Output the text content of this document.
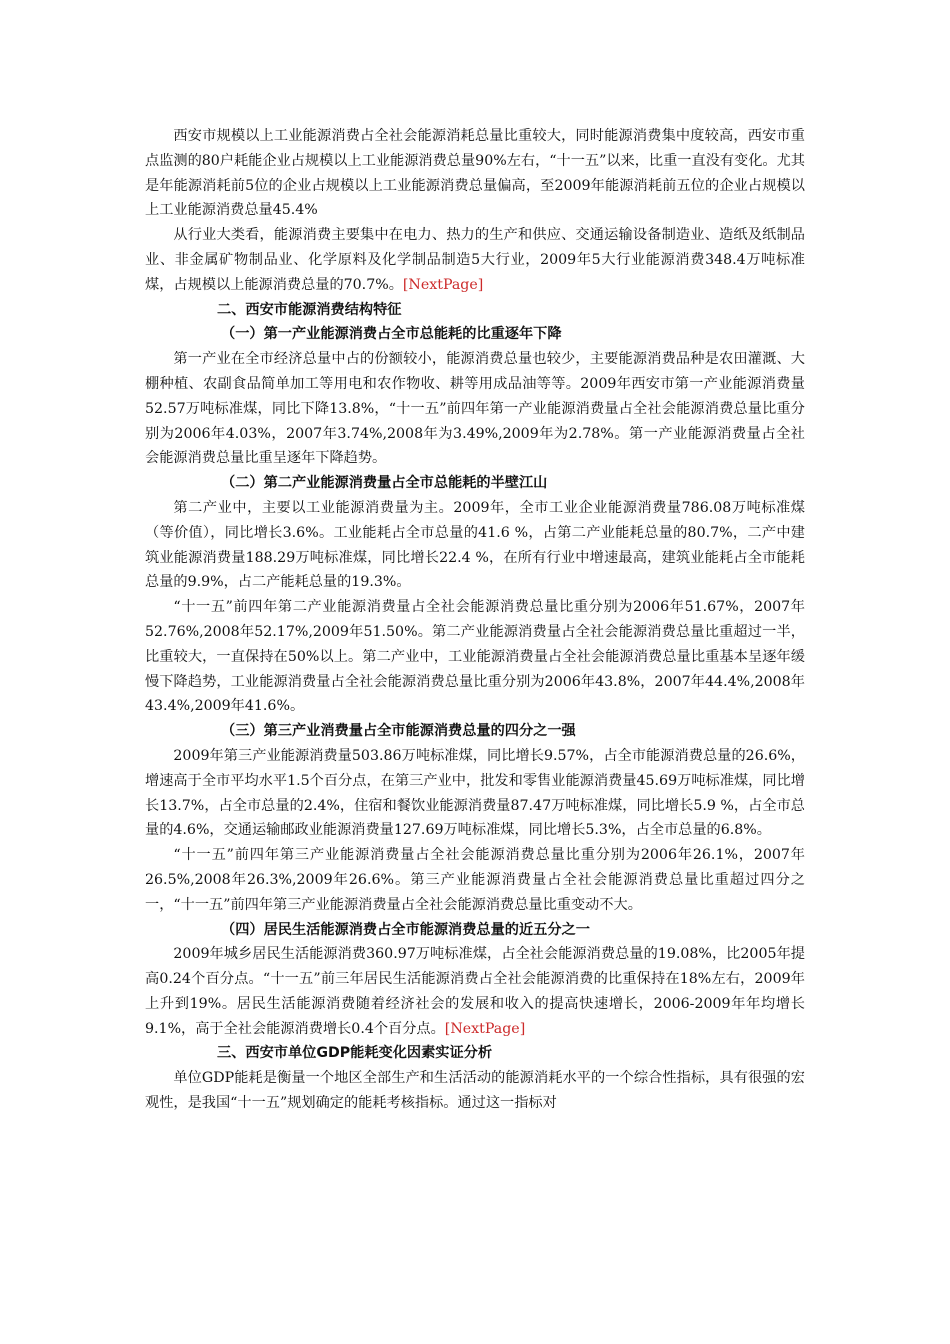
西安市规模以上工业能源消费占全社会能源消耗总量比重较大，同时能源消费集中度较高，西安市重点监测的80户耗能企业占规模以上工业能源消费总量90%左右，“十一五”以来，比重一直没有变化。尤其是年能源消耗前5位的企业占规模以上工业能源消费总量偏高，至2009年能源消耗前五位的企业占规模以上工业能源消费总量45.4%

从行业大类看，能源消费主要集中在电力、热力的生产和供应、交通运输设备制造业、造纸及纸制品业、非金属矿物制品业、化学原料及化学制品制造5大行业，2009年5大行业能源消费348.4万吨标准煤，占规模以上能源消费总量的70.7%。[NextPage]

二、西安市能源消费结构特征

（一）第一产业能源消费占全市总能耗的比重逐年下降

第一产业在全市经济总量中占的份额较小，能源消费总量也较少，主要能源消费品种是农田灌溉、大棚种植、农副食品简单加工等用电和农作物收、耕等用成品油等等。2009年西安市第一产业能源消费量52.57万吨标准煤，同比下降13.8%，“十一五”前四年第一产业能源消费量占全社会能源消费总量比重分别为2006年4.03%，2007年3.74%,2008年为3.49%,2009年为2.78%。第一产业能源消费量占全社会能源消费总量比重呈逐年下降趋势。

（二）第二产业能源消费量占全市总能耗的半壁江山

第二产业中，主要以工业能源消费量为主。2009年，全市工业企业能源消费量786.08万吨标准煤（等价值），同比增长3.6%。工业能耗占全市总量的41.6 %，占第二产业能耗总量的80.7%，二产中建筑业能源消费量188.29万吨标准煤，同比增长22.4 %，在所有行业中增速最高，建筑业能耗占全市能耗总量的9.9%，占二产能耗总量的19.3%。

“十一五”前四年第二产业能源消费量占全社会能源消费总量比重分别为2006年51.67%，2007年52.76%,2008年52.17%,2009年51.50%。第二产业能源消费量占全社会能源消费总量比重超过一半，比重较大，一直保持在50%以上。第二产业中，工业能源消费量占全社会能源消费总量比重基本呈逐年缓慢下降趋势，工业能源消费量占全社会能源消费总量比重分别为2006年43.8%，2007年44.4%,2008年43.4%,2009年41.6%。

（三）第三产业消费量占全市能源消费总量的四分之一强

2009年第三产业能源消费量503.86万吨标准煤，同比增长9.57%，占全市能源消费总量的26.6%，增速高于全市平均水平1.5个百分点，在第三产业中，批发和零售业能源消费量45.69万吨标准煤，同比增长13.7%，占全市总量的2.4%，住宿和餐饮业能源消费量87.47万吨标准煤，同比增长5.9 %，占全市总量的4.6%，交通运输邮政业能源消费量127.69万吨标准煤，同比增长5.3%，占全市总量的6.8%。

“十一五”前四年第三产业能源消费量占全社会能源消费总量比重分别为2006年26.1%，2007年26.5%,2008年26.3%,2009年26.6%。第三产业能源消费量占全社会能源消费总量比重超过四分之一，“十一五”前四年第三产业能源消费量占全社会能源消费总量比重变动不大。

（四）居民生活能源消费占全市能源消费总量的近五分之一

2009年城乡居民生活能源消费360.97万吨标准煤，占全社会能源消费总量的19.08%，比2005年提高0.24个百分点。“十一五”前三年居民生活能源消费占全社会能源消费的比重保持在18%左右，2009年上升到19%。居民生活能源消费随着经济社会的发展和收入的提高快速增长，2006-2009年年均增长9.1%，高于全社会能源消费增长0.4个百分点。[NextPage]

三、西安市单位GDP能耗变化因素实证分析

单位GDP能耗是衡量一个地区全部生产和生活活动的能源消耗水平的一个综合性指标，具有很强的宏观性，是我国“十一五”规划确定的能耗考核指标。通过这一指标对
